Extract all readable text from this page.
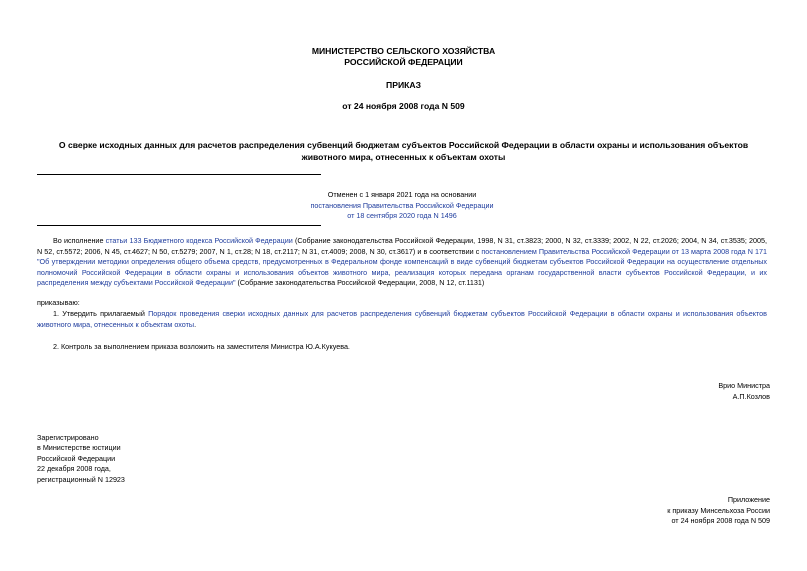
МИНИСТЕРСТВО СЕЛЬСКОГО ХОЗЯЙСТВА
РОССИЙСКОЙ ФЕДЕРАЦИИ
ПРИКАЗ
от 24 ноября 2008 года N 509
О сверке исходных данных для расчетов распределения субвенций бюджетам субъектов Российской Федерации в области охраны и использования объектов
животного мира, отнесенных к объектам охоты
Отменен с 1 января 2021 года на основании
постановления Правительства Российской Федерации
от 18 сентября 2020 года N 1496
Во исполнение статьи 133 Бюджетного кодекса Российской Федерации (Собрание законодательства Российской Федерации, 1998, N 31, ст.3823; 2000, N 32, ст.3339; 2002, N 22, ст.2026; 2004, N 34, ст.3535; 2005, N 52, ст.5572; 2006, N 45, ст.4627; N 50, ст.5279; 2007, N 1, ст.28; N 18, ст.2117; N 31, ст.4009; 2008, N 30, ст.3617) и в соответствии с постановлением Правительства Российской Федерации от 13 марта 2008 года N 171 "Об утверждении методики определения общего объема средств, предусмотренных в Федеральном фонде компенсаций в виде субвенций бюджетам субъектов Российской Федерации на осуществление отдельных полномочий Российской Федерации в области охраны и использования объектов животного мира, реализация которых передана органам государственной власти субъектов Российской Федерации, и их распределения между субъектами Российской Федерации" (Собрание законодательства Российской Федерации, 2008, N 12, ст.1131)
приказываю:
1. Утвердить прилагаемый Порядок проведения сверки исходных данных для расчетов распределения субвенций бюджетам субъектов Российской Федерации в области охраны и использования объектов животного мира, отнесенных к объектам охоты.
2. Контроль за выполнением приказа возложить на заместителя Министра Ю.А.Кукуева.
Врио Министра
А.П.Козлов
Зарегистрировано
в Министерстве юстиции
Российской Федерации
22 декабря 2008 года,
регистрационный N 12923
Приложение
к приказу Минсельхоза России
от 24 ноября 2008 года N 509
